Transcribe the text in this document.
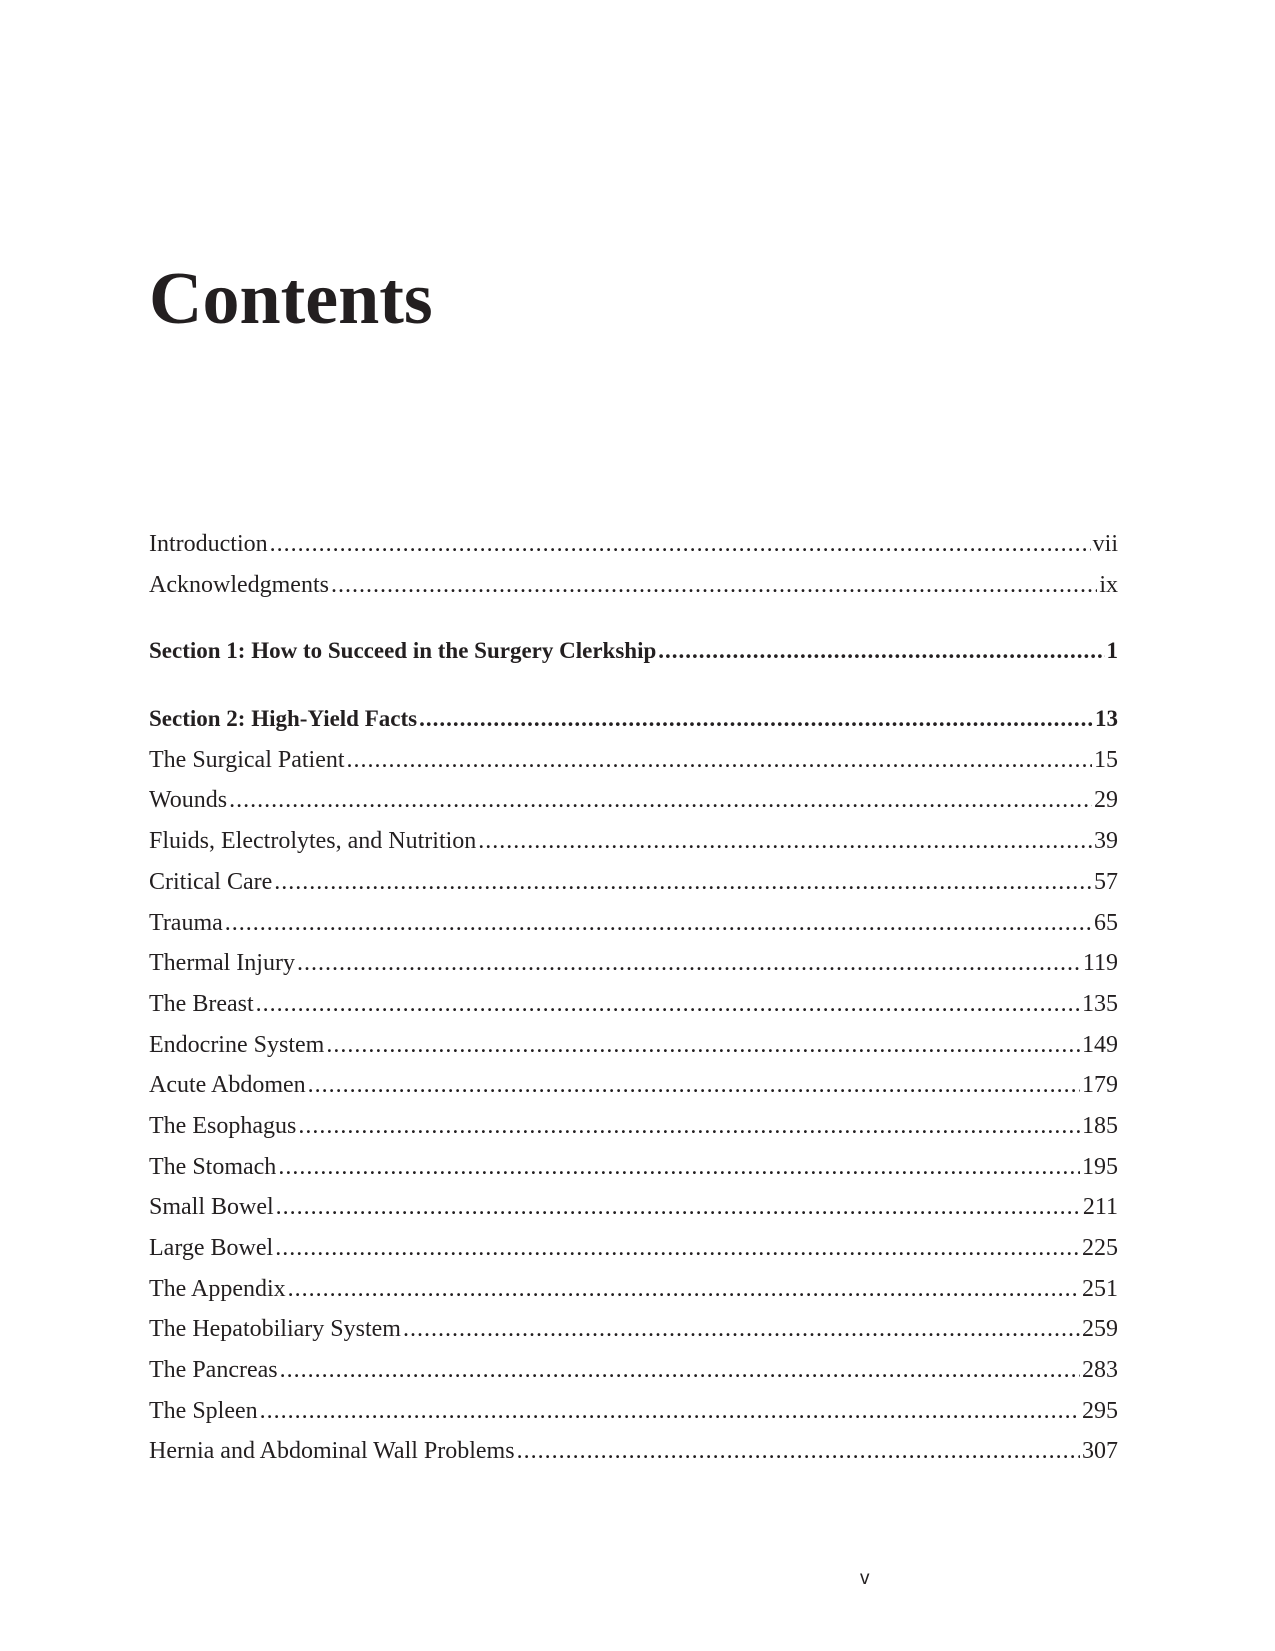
Contents
Introduction .....	vii
Acknowledgments .....	ix
Section 1: How to Succeed in the Surgery Clerkship .....	1
Section 2: High-Yield Facts .....	13
The Surgical Patient .....	15
Wounds .....	29
Fluids, Electrolytes, and Nutrition .....	39
Critical Care .....	57
Trauma .....	65
Thermal Injury .....	119
The Breast .....	135
Endocrine System .....	149
Acute Abdomen .....	179
The Esophagus .....	185
The Stomach .....	195
Small Bowel .....	211
Large Bowel .....	225
The Appendix .....	251
The Hepatobiliary System .....	259
The Pancreas .....	283
The Spleen .....	295
Hernia and Abdominal Wall Problems .....	307
v
